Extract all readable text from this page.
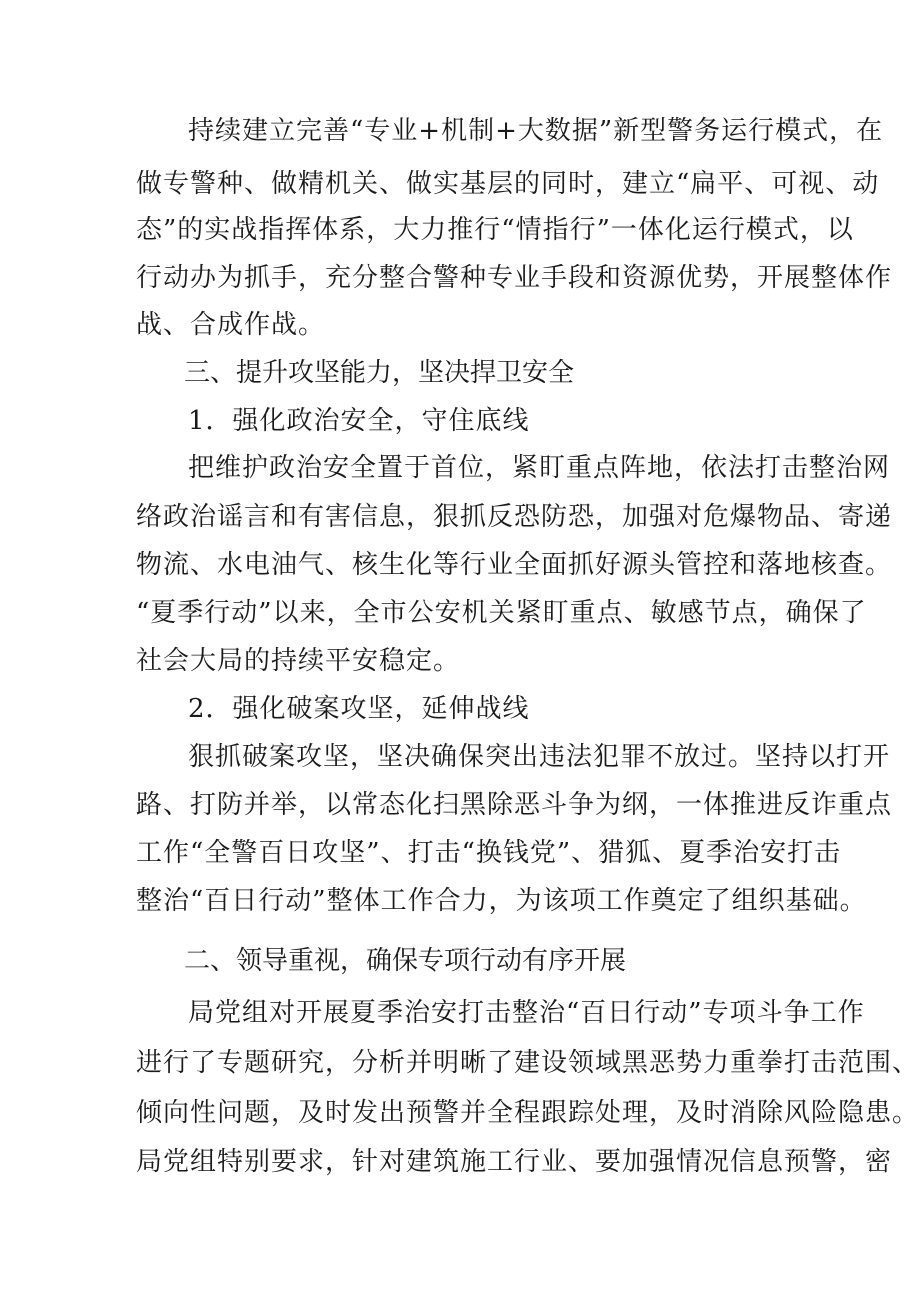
持续建立完善“专业+机制+大数据”新型警务运行模式，在
做专警种、做精机关、做实基层的同时，建立“扁平、可视、动
态”的实战指挥体系，大力推行“情指行”一体化运行模式，以
行动办为抓手，充分整合警种专业手段和资源优势，开展整体作
战、合成作战。
三、提升攻坚能力，坚决捍卫安全
1．强化政治安全，守住底线
把维护政治安全置于首位，紧盯重点阵地，依法打击整治网
络政治谣言和有害信息，狠抓反恐防恐，加强对危爆物品、寄递
物流、水电油气、核生化等行业全面抓好源头管控和落地核查。
“夏季行动”以来，全市公安机关紧盯重点、敏感节点，确保了
社会大局的持续平安稳定。
2．强化破案攻坚，延伸战线
狠抓破案攻坚，坚决确保突出违法犯罪不放过。坚持以打开
路、打防并举，以常态化扫黑除恶斗争为纲，一体推进反诈重点
工作“全警百日攻坚”、打击“换钱党”、猎狐、夏季治安打击
整治“百日行动”整体工作合力，为该项工作奠定了组织基础。
二、领导重视，确保专项行动有序开展
局党组对开展夏季治安打击整治“百日行动”专项斗争工作
进行了专题研究，分析并明晰了建设领域黑恶势力重拳打击范围、
倾向性问题，及时发出预警并全程跟踪处理，及时消除风险隐患。
局党组特别要求，针对建筑施工行业、要加强情况信息预警，密
